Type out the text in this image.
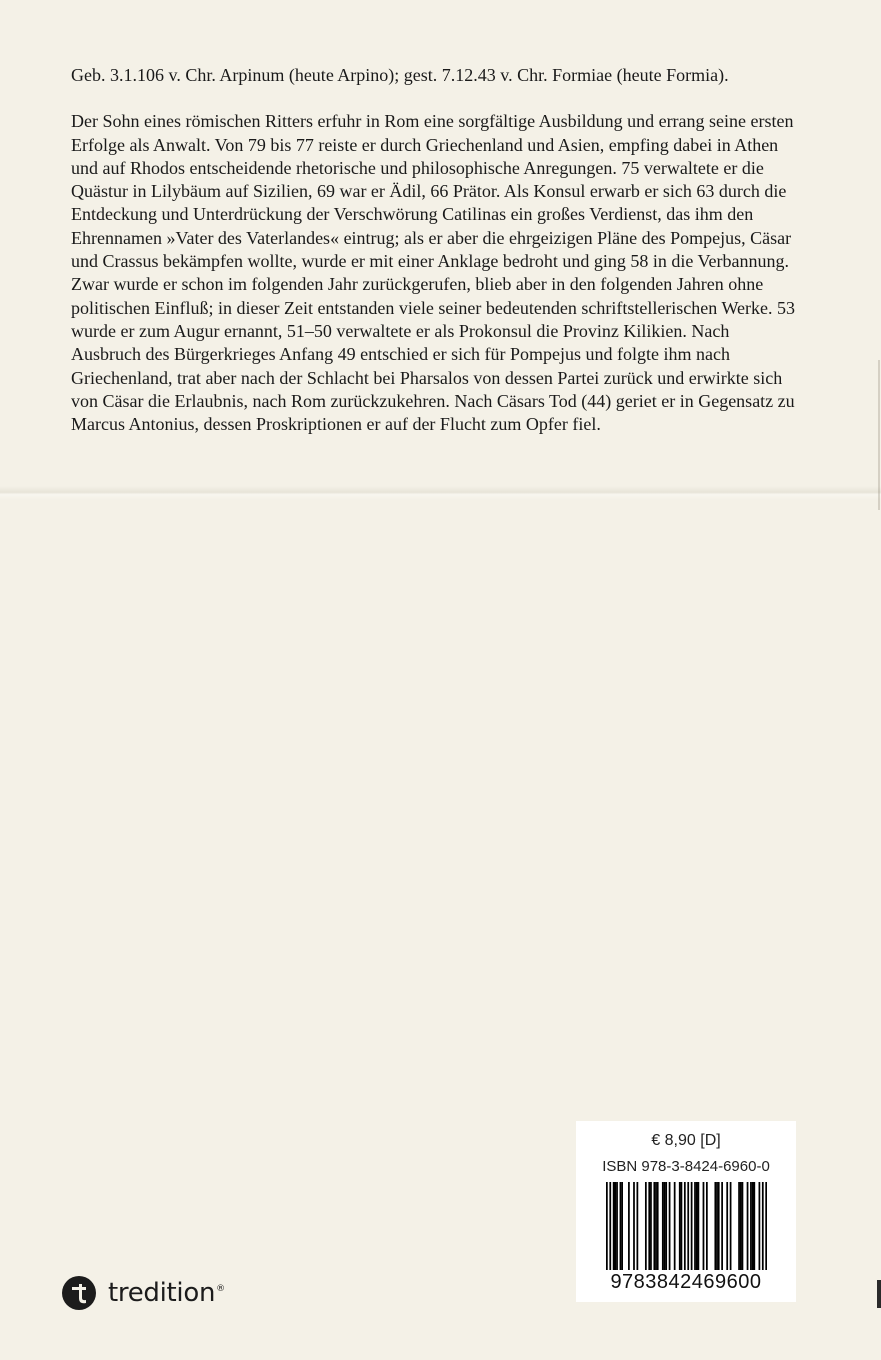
Geb. 3.1.106 v. Chr. Arpinum (heute Arpino); gest. 7.12.43 v. Chr. Formiae (heute Formia).

Der Sohn eines römischen Ritters erfuhr in Rom eine sorgfältige Ausbildung und errang seine ersten Erfolge als Anwalt. Von 79 bis 77 reiste er durch Griechenland und Asien, empfing dabei in Athen und auf Rhodos entscheidende rhetorische und philosophische Anregungen. 75 verwaltete er die Quästur in Lilybäum auf Sizilien, 69 war er Ädil, 66 Prätor. Als Konsul erwarb er sich 63 durch die Entdeckung und Unterdrückung der Verschwörung Catilinas ein großes Verdienst, das ihm den Ehrennamen »Vater des Vaterlandes« eintrug; als er aber die ehrgeizigen Pläne des Pompejus, Cäsar und Crassus bekämpfen wollte, wurde er mit einer Anklage bedroht und ging 58 in die Verbannung. Zwar wurde er schon im folgenden Jahr zurückgerufen, blieb aber in den folgenden Jahren ohne politischen Einfluß; in dieser Zeit entstanden viele seiner bedeutenden schriftstellerischen Werke. 53 wurde er zum Augur ernannt, 51–50 verwaltete er als Prokonsul die Provinz Kilikien. Nach Ausbruch des Bürgerkrieges Anfang 49 entschied er sich für Pompejus und folgte ihm nach Griechenland, trat aber nach der Schlacht bei Pharsalos von dessen Partei zurück und erwirkte sich von Cäsar die Erlaubnis, nach Rom zurückzukehren. Nach Cäsars Tod (44) geriet er in Gegensatz zu Marcus Antonius, dessen Proskriptionen er auf der Flucht zum Opfer fiel.

€ 8,90 [D]
ISBN 978-3-8424-6960-0
9783842469600
tredition®
